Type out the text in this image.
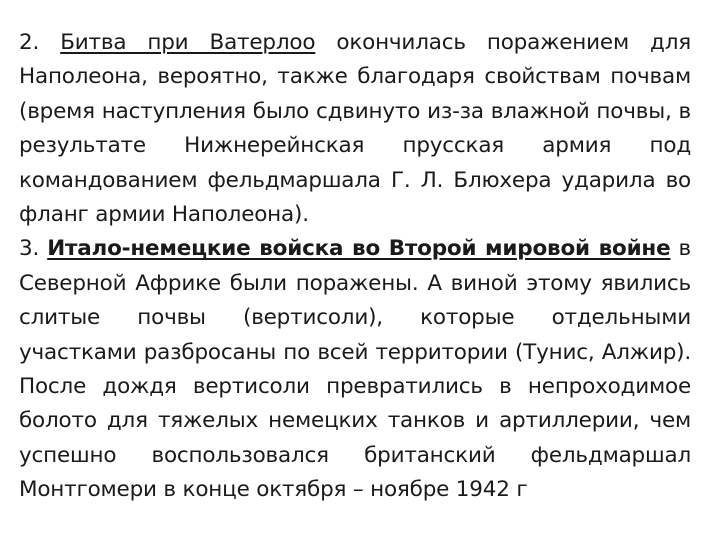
2. Битва при Ватерлоо окончилась поражением для Наполеона, вероятно, также благодаря свойствам почвам (время наступления было сдвинуто из-за влажной почвы, в результате Нижнерейнская прусская армия под командованием фельдмаршала Г. Л. Блюхера ударила во фланг армии Наполеона).

3. Итало-немецкие войска во Второй мировой войне в Северной Африке были поражены. А виной этому явились слитые почвы (вертисоли), которые отдельными участками разбросаны по всей территории (Тунис, Алжир). После дождя вертисоли превратились в непроходимое болото для тяжелых немецких танков и артиллерии, чем успешно воспользовался британский фельдмаршал Монтгомери в конце октября – ноябре 1942 г
